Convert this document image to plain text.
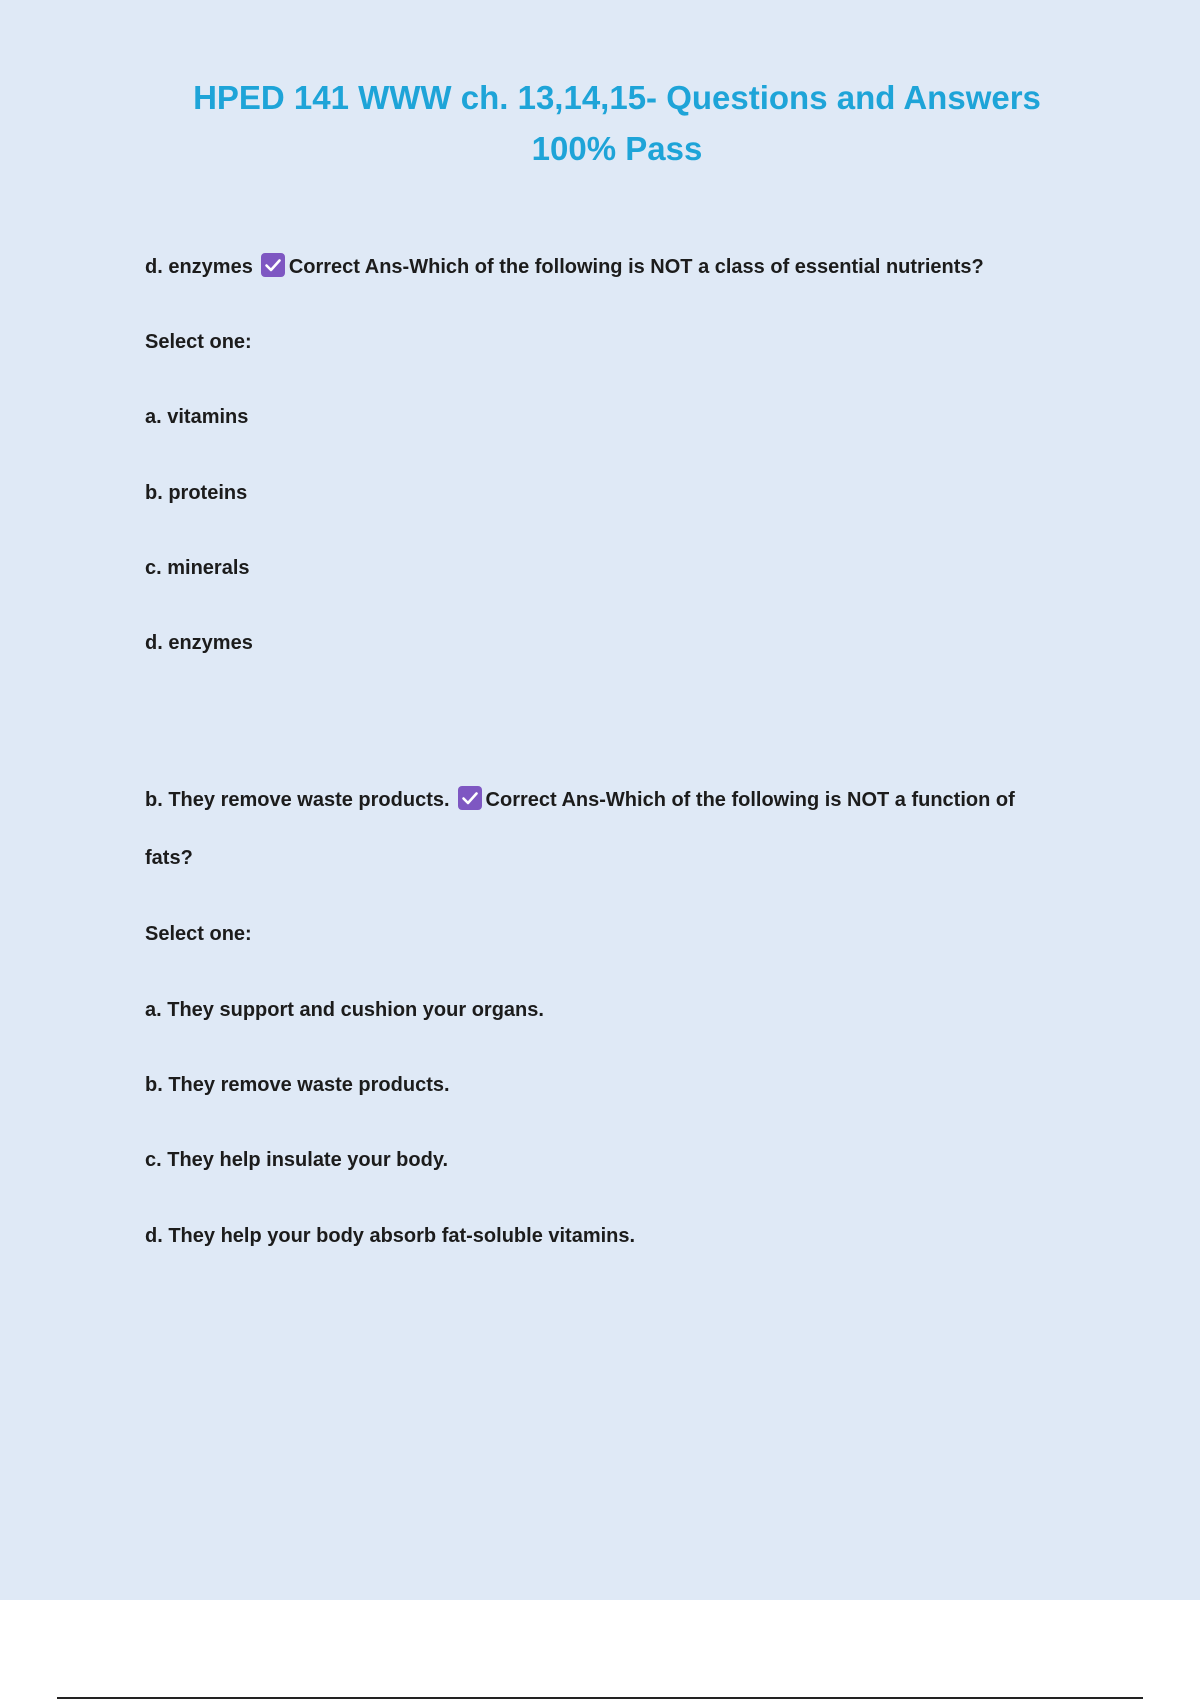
HPED 141 WWW ch. 13,14,15- Questions and Answers
100% Pass
d. enzymes Correct Ans-Which of the following is NOT a class of essential nutrients?
Select one:
a. vitamins
b. proteins
c. minerals
d. enzymes
b. They remove waste products. Correct Ans-Which of the following is NOT a function of
fats?
Select one:
a. They support and cushion your organs.
b. They remove waste products.
c. They help insulate your body.
d. They help your body absorb fat-soluble vitamins.
